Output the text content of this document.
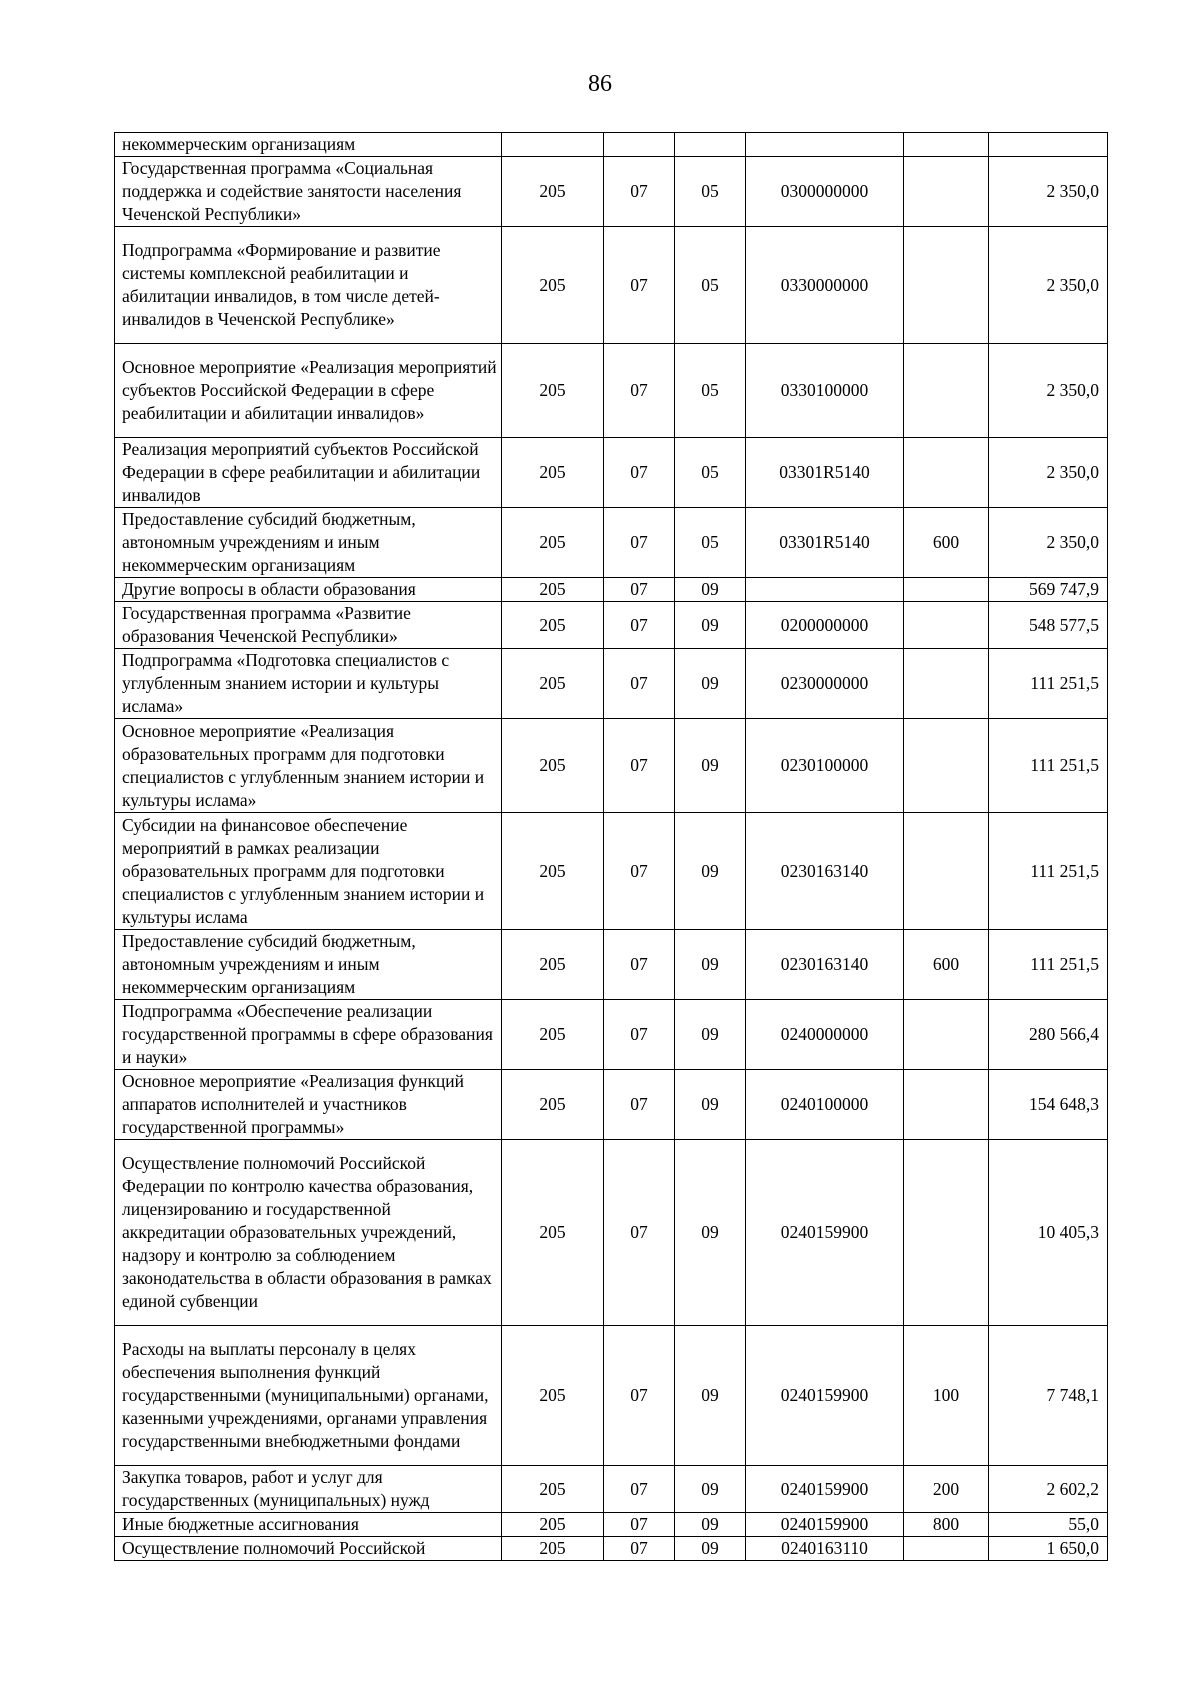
86
некоммерческим организациям						
Государственная программа «Социальная поддержка и содействие занятости населения Чеченской Республики»	205	07	05	0300000000		2 350,0
Подпрограмма «Формирование и развитие системы комплексной реабилитации и абилитации инвалидов, в том числе детей-инвалидов в Чеченской Республике»	205	07	05	0330000000		2 350,0
Основное мероприятие «Реализация мероприятий субъектов Российской Федерации в сфере реабилитации и абилитации инвалидов»	205	07	05	0330100000		2 350,0
Реализация мероприятий субъектов Российской Федерации в сфере реабилитации и абилитации инвалидов	205	07	05	03301R5140		2 350,0
Предоставление субсидий бюджетным, автономным учреждениям и иным некоммерческим организациям	205	07	05	03301R5140	600	2 350,0
Другие вопросы в области образования	205	07	09			569 747,9
Государственная программа «Развитие образования Чеченской Республики»	205	07	09	0200000000		548 577,5
Подпрограмма «Подготовка специалистов с углубленным знанием истории и культуры ислама»	205	07	09	0230000000		111 251,5
Основное мероприятие «Реализация образовательных программ для подготовки специалистов с углубленным знанием истории и культуры ислама»	205	07	09	0230100000		111 251,5
Субсидии на финансовое обеспечение мероприятий в рамках реализации образовательных программ для подготовки специалистов с углубленным знанием истории и культуры ислама	205	07	09	0230163140		111 251,5
Предоставление субсидий бюджетным, автономным учреждениям и иным некоммерческим организациям	205	07	09	0230163140	600	111 251,5
Подпрограмма «Обеспечение реализации государственной программы в сфере образования и науки»	205	07	09	0240000000		280 566,4
Основное мероприятие «Реализация функций аппаратов исполнителей и участников государственной программы»	205	07	09	0240100000		154 648,3
Осуществление полномочий Российской Федерации по контролю качества образования, лицензированию и государственной аккредитации образовательных учреждений, надзору и контролю за соблюдением законодательства в области образования в рамках единой субвенции	205	07	09	0240159900		10 405,3
Расходы на выплаты персоналу в целях обеспечения выполнения функций государственными (муниципальными) органами, казенными учреждениями, органами управления государственными внебюджетными фондами	205	07	09	0240159900	100	7 748,1
Закупка товаров, работ и услуг для государственных (муниципальных) нужд	205	07	09	0240159900	200	2 602,2
Иные бюджетные ассигнования	205	07	09	0240159900	800	55,0
Осуществление полномочий Российской	205	07	09	0240163110		1 650,0
